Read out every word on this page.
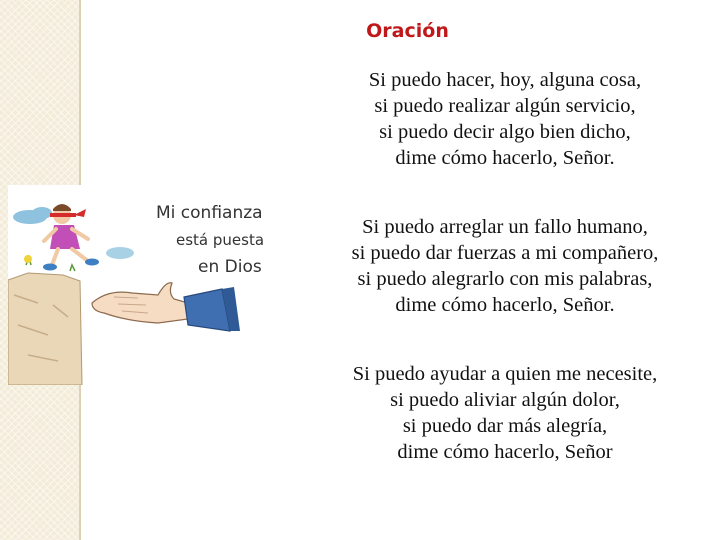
Oración
Si puedo hacer, hoy, alguna cosa,
si puedo realizar algún servicio,
si puedo decir algo bien dicho,
dime cómo hacerlo, Señor.
Si puedo arreglar un fallo humano,
si puedo dar fuerzas a mi compañero,
si puedo alegrarlo con mis palabras,
dime cómo hacerlo, Señor.
Si puedo ayudar a quien me necesite,
si puedo aliviar algún dolor,
si puedo dar más alegría,
dime cómo hacerlo, Señor
Mi confianza
está puesta
en Dios
